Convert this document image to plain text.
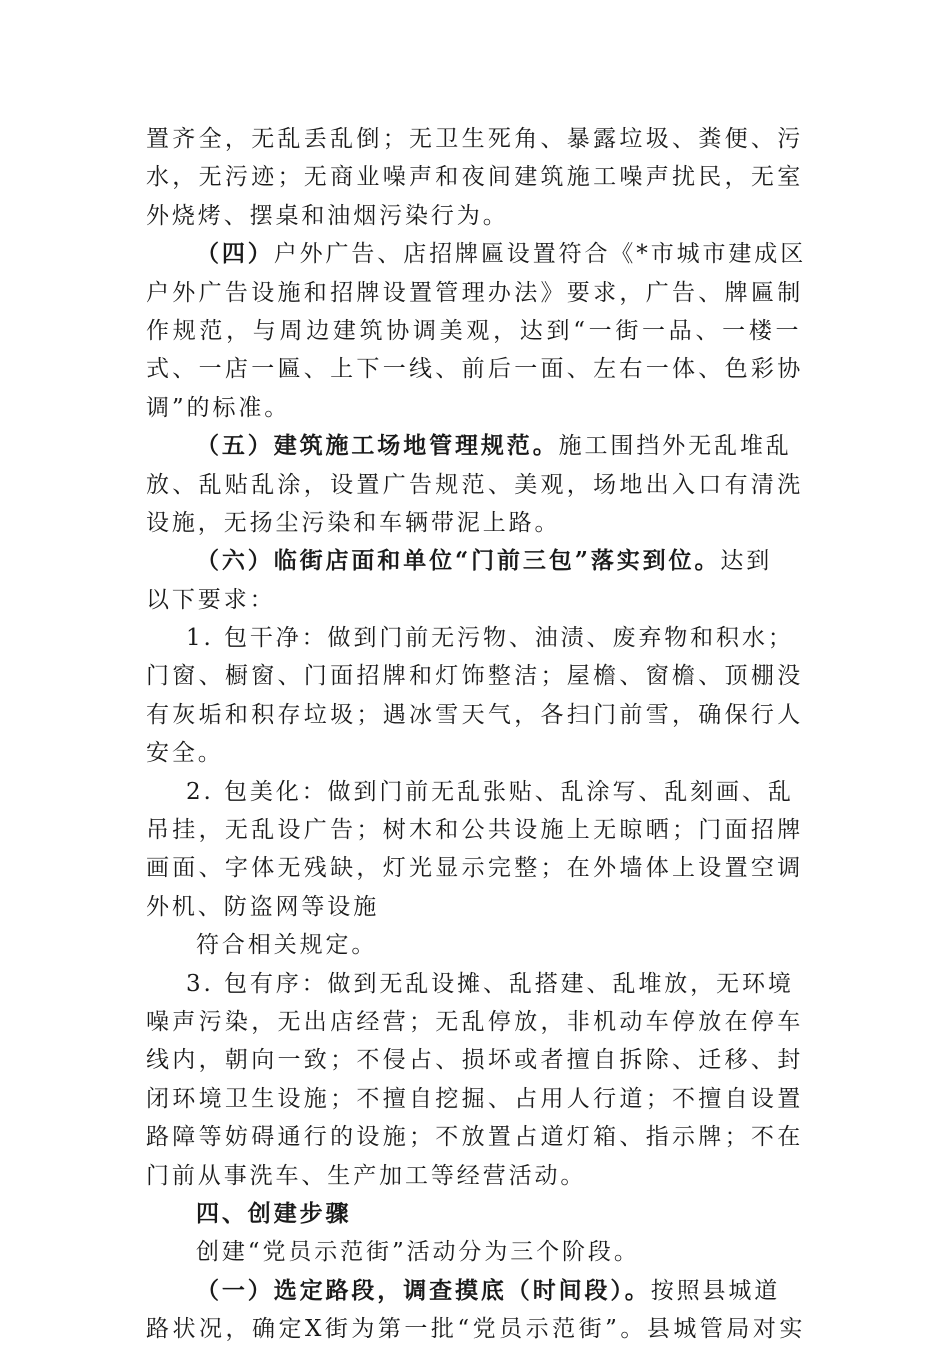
置齐全，无乱丢乱倒；无卫生死角、暴露垃圾、粪便、污
水，无污迹；无商业噪声和夜间建筑施工噪声扰民，无室
外烧烤、摆桌和油烟污染行为。
（四）户外广告、店招牌匾设置符合《*市城市建成区
户外广告设施和招牌设置管理办法》要求，广告、牌匾制
作规范，与周边建筑协调美观，达到“一街一品、一楼一
式、一店一匾、上下一线、前后一面、左右一体、色彩协
调”的标准。
（五）建筑施工场地管理规范。施工围挡外无乱堆乱
放、乱贴乱涂，设置广告规范、美观，场地出入口有清洗
设施，无扬尘污染和车辆带泥上路。
（六）临街店面和单位“门前三包”落实到位。达到
以下要求：
1. 包干净：做到门前无污物、油渍、废弃物和积水；
门窗、橱窗、门面招牌和灯饰整洁；屋檐、窗檐、顶棚没
有灰垢和积存垃圾；遇冰雪天气，各扫门前雪，确保行人
安全。
2. 包美化：做到门前无乱张贴、乱涂写、乱刻画、乱
吊挂，无乱设广告；树木和公共设施上无晾晒；门面招牌
画面、字体无残缺，灯光显示完整；在外墙体上设置空调
外机、防盗网等设施
符合相关规定。
3. 包有序：做到无乱设摊、乱搭建、乱堆放，无环境
噪声污染，无出店经营；无乱停放，非机动车停放在停车
线内，朝向一致；不侵占、损坏或者擅自拆除、迁移、封
闭环境卫生设施；不擅自挖掘、占用人行道；不擅自设置
路障等妨碍通行的设施；不放置占道灯箱、指示牌；不在
门前从事洗车、生产加工等经营活动。
四、创建步骤
创建“党员示范街”活动分为三个阶段。
（一）选定路段，调查摸底（时间段）。按照县城道
路状况，确定X街为第一批“党员示范街”。县城管局对实
